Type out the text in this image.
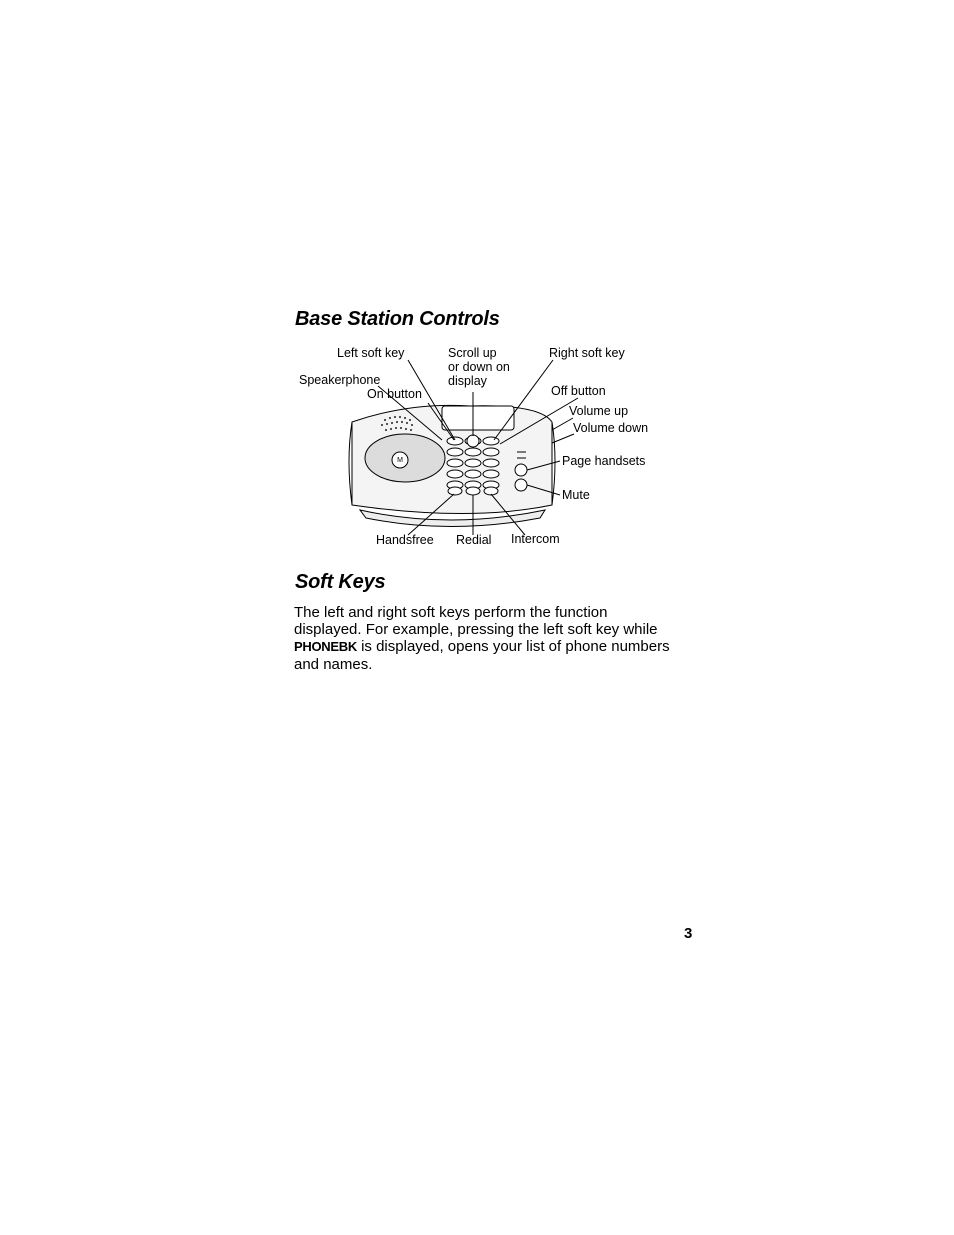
Base Station Controls
M
Left soft key	Scroll up
or down on
display
Right soft key
Speakerphone
On button	Off button
Volume up
Volume down
Page handsets
Mute
Handsfree Redial Intercom
Soft Keys

The left and right soft keys perform the function displayed. For example, pressing the left soft key while PHONEBK is displayed, opens your list of phone numbers and names.

3
